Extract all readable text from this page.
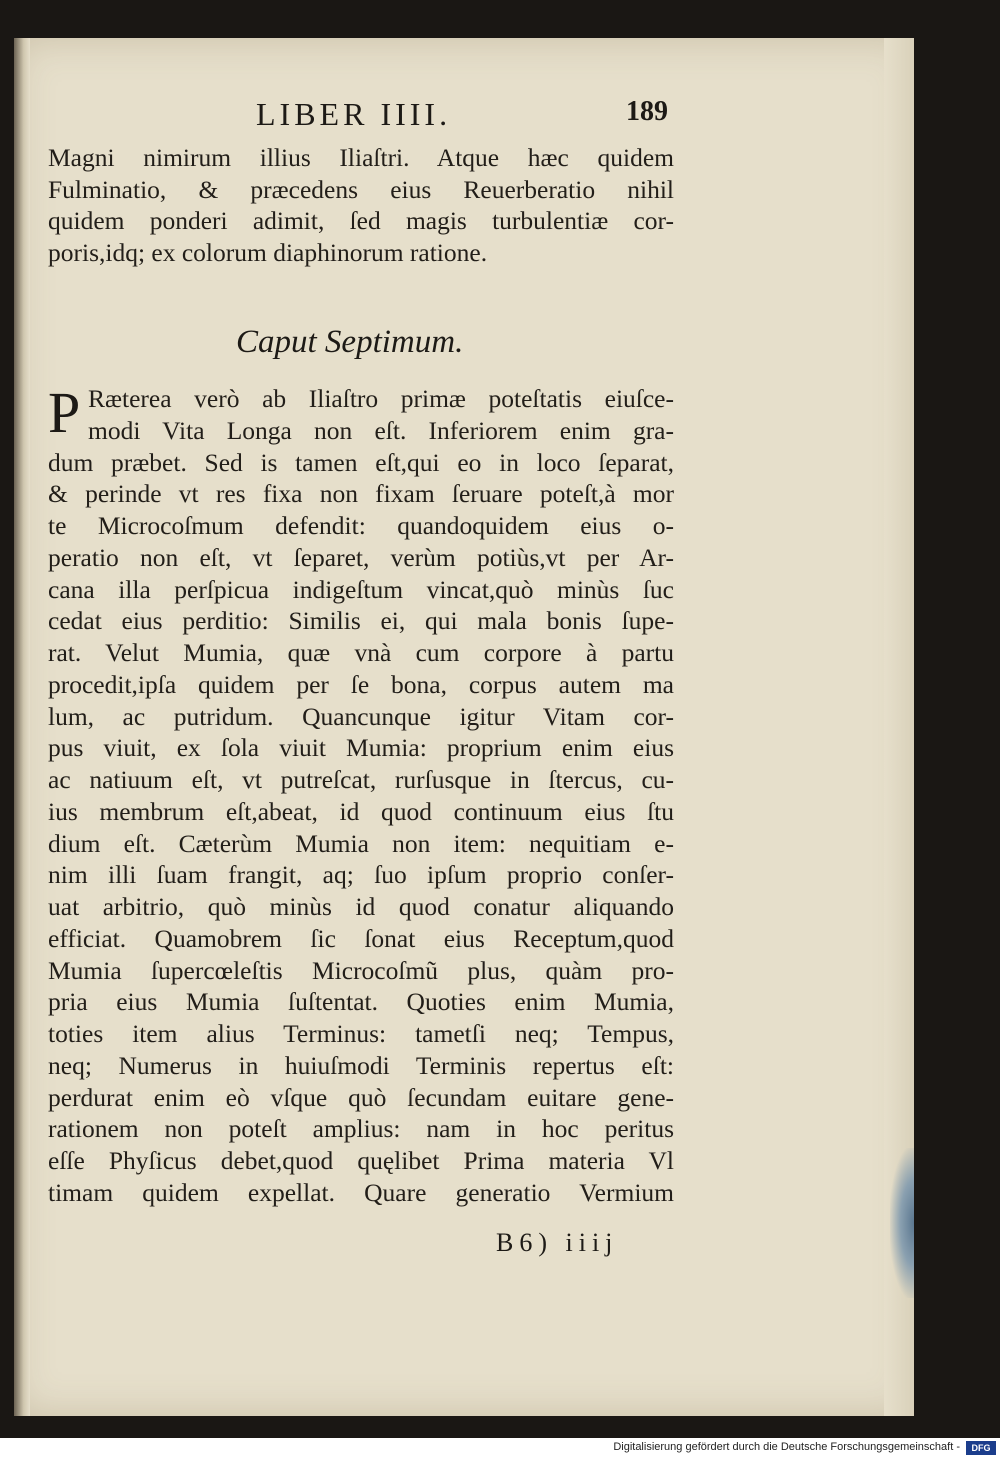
LIBER IIII.	189
Magni nimirum illius Iliaſtri. Atque hæc quidem
Fulminatio, & præcedens eius Reuerberatio nihil
quidem ponderi adimit, ſed magis turbulentiæ cor-
poris,idq; ex colorum diaphinorum ratione.
Caput Septimum.
P Ræterea verò ab Iliaſtro primæ poteſtatis eiuſce-
modi Vita Longa non eſt. Inferiorem enim gra-
dum præbet. Sed is tamen eſt,qui eo in loco ſeparat,
& perinde vt res fixa non fixam ſeruare poteſt,à mor
te Microcoſmum defendit: quandoquidem eius o-
peratio non eſt, vt ſeparet, verùm potiùs,vt per Ar-
cana illa perſpicua indigeſtum vincat,quò minùs ſuc
cedat eius perditio: Similis ei, qui mala bonis ſupe-
rat. Velut Mumia, quæ vnà cum corpore à partu
procedit,ipſa quidem per ſe bona, corpus autem ma
lum, ac putridum. Quancunque igitur Vitam cor-
pus viuit, ex ſola viuit Mumia: proprium enim eius
ac natiuum eſt, vt putreſcat, rurſusque in ſtercus, cu-
ius membrum eſt,abeat, id quod continuum eius ſtu
dium eſt. Cæterùm Mumia non item: nequitiam e-
nim illi ſuam frangit, aq; ſuo ipſum proprio conſer-
uat arbitrio, quò minùs id quod conatur aliquando
efficiat. Quamobrem ſic ſonat eius Receptum,quod
Mumia ſupercœleſtis Microcoſmũ plus, quàm pro-
pria eius Mumia ſuſtentat. Quoties enim Mumia,
toties item alius Terminus: tametſi neq; Tempus,
neq; Numerus in huiuſmodi Terminis repertus eſt:
perdurat enim eò vſque quò ſecundam euitare gene-
rationem non poteſt amplius: nam in hoc peritus
eſſe Phyſicus debet,quod quęlibet Prima materia Vl
timam quidem expellat. Quare generatio Vermium
B6) iiij
Digitalisierung gefördert durch die Deutsche Forschungsgemeinschaft -	DFG
